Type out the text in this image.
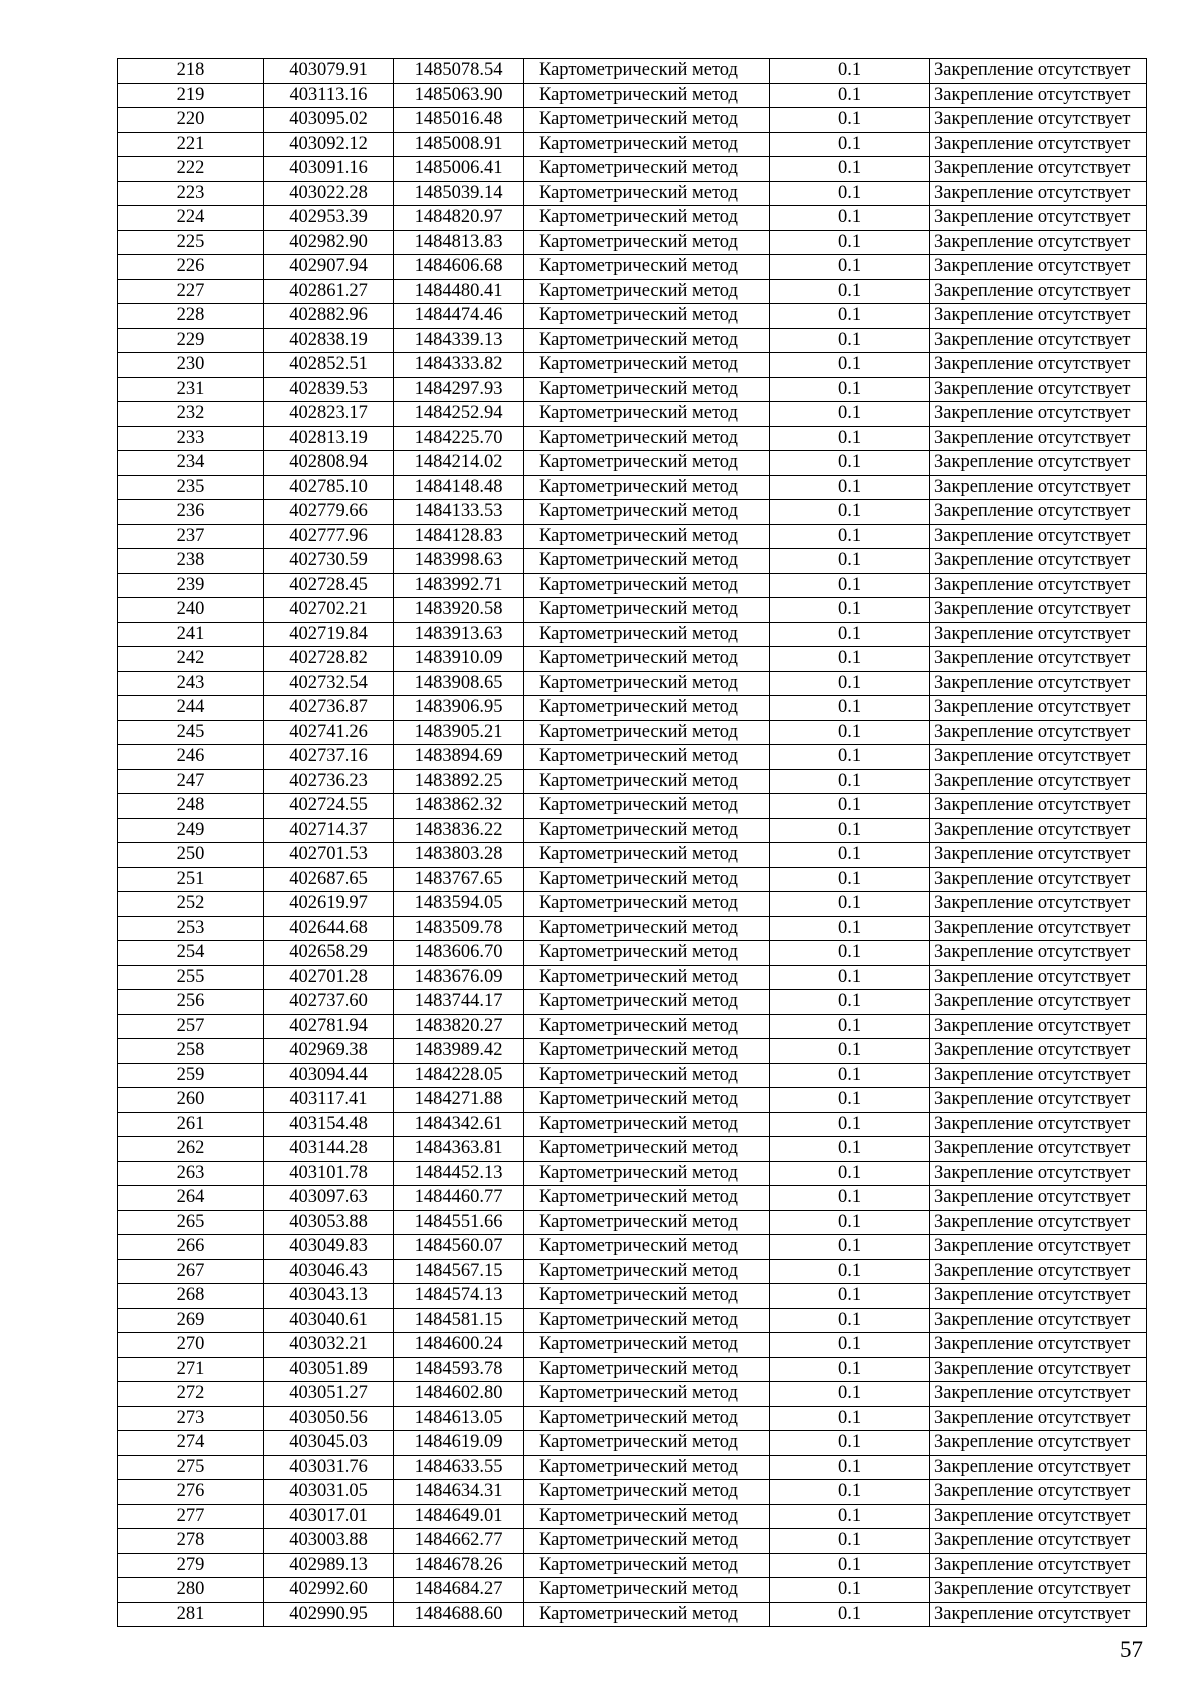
218	403079.91	1485078.54	Картометрический метод	0.1	Закрепление отсутствует
219	403113.16	1485063.90	Картометрический метод	0.1	Закрепление отсутствует
220	403095.02	1485016.48	Картометрический метод	0.1	Закрепление отсутствует
221	403092.12	1485008.91	Картометрический метод	0.1	Закрепление отсутствует
222	403091.16	1485006.41	Картометрический метод	0.1	Закрепление отсутствует
223	403022.28	1485039.14	Картометрический метод	0.1	Закрепление отсутствует
224	402953.39	1484820.97	Картометрический метод	0.1	Закрепление отсутствует
225	402982.90	1484813.83	Картометрический метод	0.1	Закрепление отсутствует
226	402907.94	1484606.68	Картометрический метод	0.1	Закрепление отсутствует
227	402861.27	1484480.41	Картометрический метод	0.1	Закрепление отсутствует
228	402882.96	1484474.46	Картометрический метод	0.1	Закрепление отсутствует
229	402838.19	1484339.13	Картометрический метод	0.1	Закрепление отсутствует
230	402852.51	1484333.82	Картометрический метод	0.1	Закрепление отсутствует
231	402839.53	1484297.93	Картометрический метод	0.1	Закрепление отсутствует
232	402823.17	1484252.94	Картометрический метод	0.1	Закрепление отсутствует
233	402813.19	1484225.70	Картометрический метод	0.1	Закрепление отсутствует
234	402808.94	1484214.02	Картометрический метод	0.1	Закрепление отсутствует
235	402785.10	1484148.48	Картометрический метод	0.1	Закрепление отсутствует
236	402779.66	1484133.53	Картометрический метод	0.1	Закрепление отсутствует
237	402777.96	1484128.83	Картометрический метод	0.1	Закрепление отсутствует
238	402730.59	1483998.63	Картометрический метод	0.1	Закрепление отсутствует
239	402728.45	1483992.71	Картометрический метод	0.1	Закрепление отсутствует
240	402702.21	1483920.58	Картометрический метод	0.1	Закрепление отсутствует
241	402719.84	1483913.63	Картометрический метод	0.1	Закрепление отсутствует
242	402728.82	1483910.09	Картометрический метод	0.1	Закрепление отсутствует
243	402732.54	1483908.65	Картометрический метод	0.1	Закрепление отсутствует
244	402736.87	1483906.95	Картометрический метод	0.1	Закрепление отсутствует
245	402741.26	1483905.21	Картометрический метод	0.1	Закрепление отсутствует
246	402737.16	1483894.69	Картометрический метод	0.1	Закрепление отсутствует
247	402736.23	1483892.25	Картометрический метод	0.1	Закрепление отсутствует
248	402724.55	1483862.32	Картометрический метод	0.1	Закрепление отсутствует
249	402714.37	1483836.22	Картометрический метод	0.1	Закрепление отсутствует
250	402701.53	1483803.28	Картометрический метод	0.1	Закрепление отсутствует
251	402687.65	1483767.65	Картометрический метод	0.1	Закрепление отсутствует
252	402619.97	1483594.05	Картометрический метод	0.1	Закрепление отсутствует
253	402644.68	1483509.78	Картометрический метод	0.1	Закрепление отсутствует
254	402658.29	1483606.70	Картометрический метод	0.1	Закрепление отсутствует
255	402701.28	1483676.09	Картометрический метод	0.1	Закрепление отсутствует
256	402737.60	1483744.17	Картометрический метод	0.1	Закрепление отсутствует
257	402781.94	1483820.27	Картометрический метод	0.1	Закрепление отсутствует
258	402969.38	1483989.42	Картометрический метод	0.1	Закрепление отсутствует
259	403094.44	1484228.05	Картометрический метод	0.1	Закрепление отсутствует
260	403117.41	1484271.88	Картометрический метод	0.1	Закрепление отсутствует
261	403154.48	1484342.61	Картометрический метод	0.1	Закрепление отсутствует
262	403144.28	1484363.81	Картометрический метод	0.1	Закрепление отсутствует
263	403101.78	1484452.13	Картометрический метод	0.1	Закрепление отсутствует
264	403097.63	1484460.77	Картометрический метод	0.1	Закрепление отсутствует
265	403053.88	1484551.66	Картометрический метод	0.1	Закрепление отсутствует
266	403049.83	1484560.07	Картометрический метод	0.1	Закрепление отсутствует
267	403046.43	1484567.15	Картометрический метод	0.1	Закрепление отсутствует
268	403043.13	1484574.13	Картометрический метод	0.1	Закрепление отсутствует
269	403040.61	1484581.15	Картометрический метод	0.1	Закрепление отсутствует
270	403032.21	1484600.24	Картометрический метод	0.1	Закрепление отсутствует
271	403051.89	1484593.78	Картометрический метод	0.1	Закрепление отсутствует
272	403051.27	1484602.80	Картометрический метод	0.1	Закрепление отсутствует
273	403050.56	1484613.05	Картометрический метод	0.1	Закрепление отсутствует
274	403045.03	1484619.09	Картометрический метод	0.1	Закрепление отсутствует
275	403031.76	1484633.55	Картометрический метод	0.1	Закрепление отсутствует
276	403031.05	1484634.31	Картометрический метод	0.1	Закрепление отсутствует
277	403017.01	1484649.01	Картометрический метод	0.1	Закрепление отсутствует
278	403003.88	1484662.77	Картометрический метод	0.1	Закрепление отсутствует
279	402989.13	1484678.26	Картометрический метод	0.1	Закрепление отсутствует
280	402992.60	1484684.27	Картометрический метод	0.1	Закрепление отсутствует
281	402990.95	1484688.60	Картометрический метод	0.1	Закрепление отсутствует
57
